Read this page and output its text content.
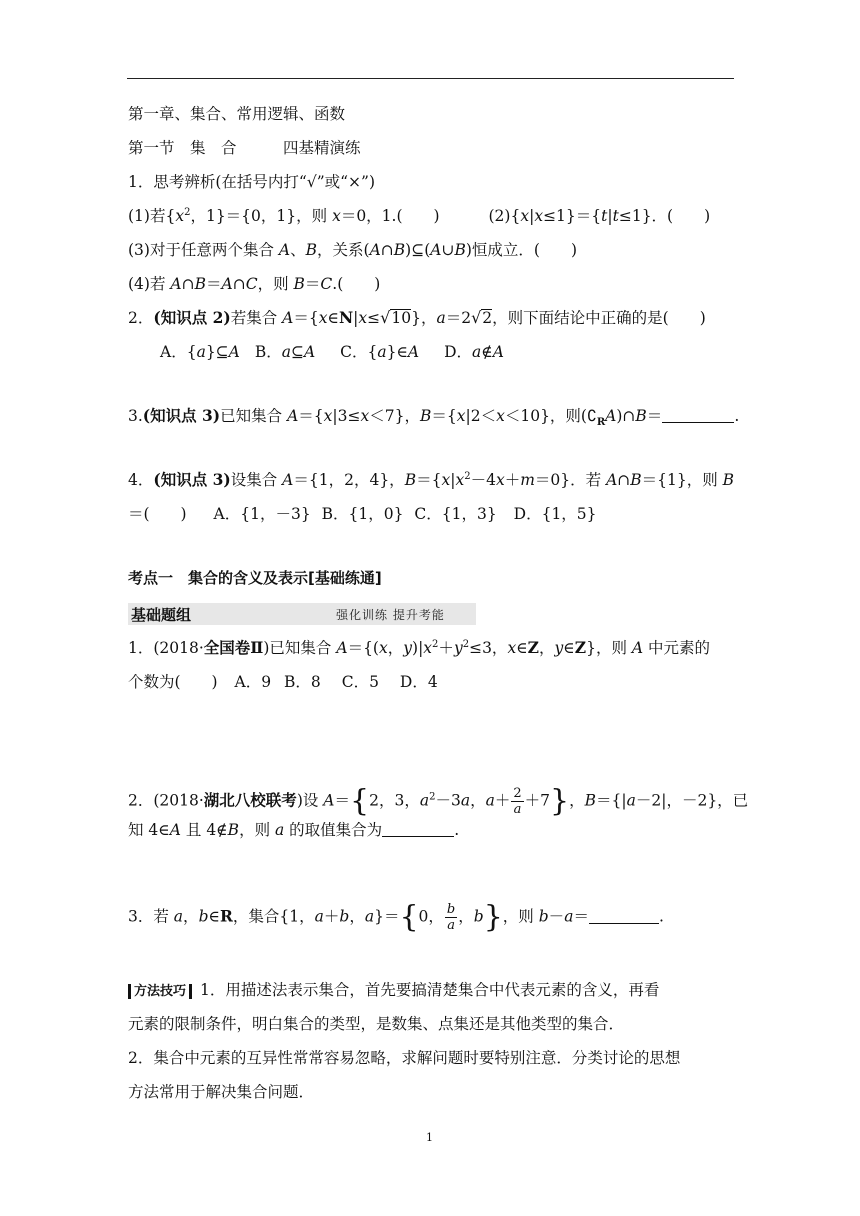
第一章、集合、常用逻辑、函数
第一节　集　合　　　四基精演练
1．思考辨析(在括号内打“√”或“×”)
(1)若{$x^2$，1}＝{0，1}，则 x＝0，1.(　　)	(2){x|x≤1}＝{t|t≤1}．(　　)
(3)对于任意两个集合 A、B，关系(A∩B)⊆(A∪B)恒成立．(　　)
(4)若 A∩B＝A∩C，则 B＝C.(　　)
2．(知识点 2)若集合 A＝{x∈N|x≤√10}，a＝2√2，则下面结论中正确的是(　　)
A．{a}⊆A B．a⊆A C．{a}∈A D．a∉A
3.(知识点 3)已知集合 A＝{x|3≤x＜7}，B＝{x|2＜x＜10}，则$(∁_RA)\cap B=$	.
4．(知识点 3)设集合 A＝{1，2，4}，$B=\{x|x^2-4x+m=0\}$．若 A∩B＝{1}，则 B
＝(　　) A．{1，－3} B．{1，0} C．{1，3} D．{1，5}
考点一　集合的含义及表示[基础练通]
基础题组	强化训练 提升考能
1．(2018·全国卷Ⅱ)已知集合 A＝{(x，$y)|x^2+y^2\le 3$，x∈Z，y∈Z}，则 A 中元素的
个数为(　　) A．9 B．8 C．5 D．4
2．(2018·湖北八校联考)设 A＝{2，3，$a^2-3a$，$a+ \frac{2}{a} +7$}，B＝{|a－2|，－2}，已
知 4∈A 且 4∉B，则 a 的取值集合为	.
3．若 a，b∈R，集合{1，a＋b，a}＝{0， $\frac{b}{a}$ ，b}，则 b－a＝	.
方法技巧 1．用描述法表示集合，首先要搞清楚集合中代表元素的含义，再看
元素的限制条件，明白集合的类型，是数集、点集还是其他类型的集合．
2．集合中元素的互异性常常容易忽略，求解问题时要特别注意．分类讨论的思想
方法常用于解决集合问题．
1
